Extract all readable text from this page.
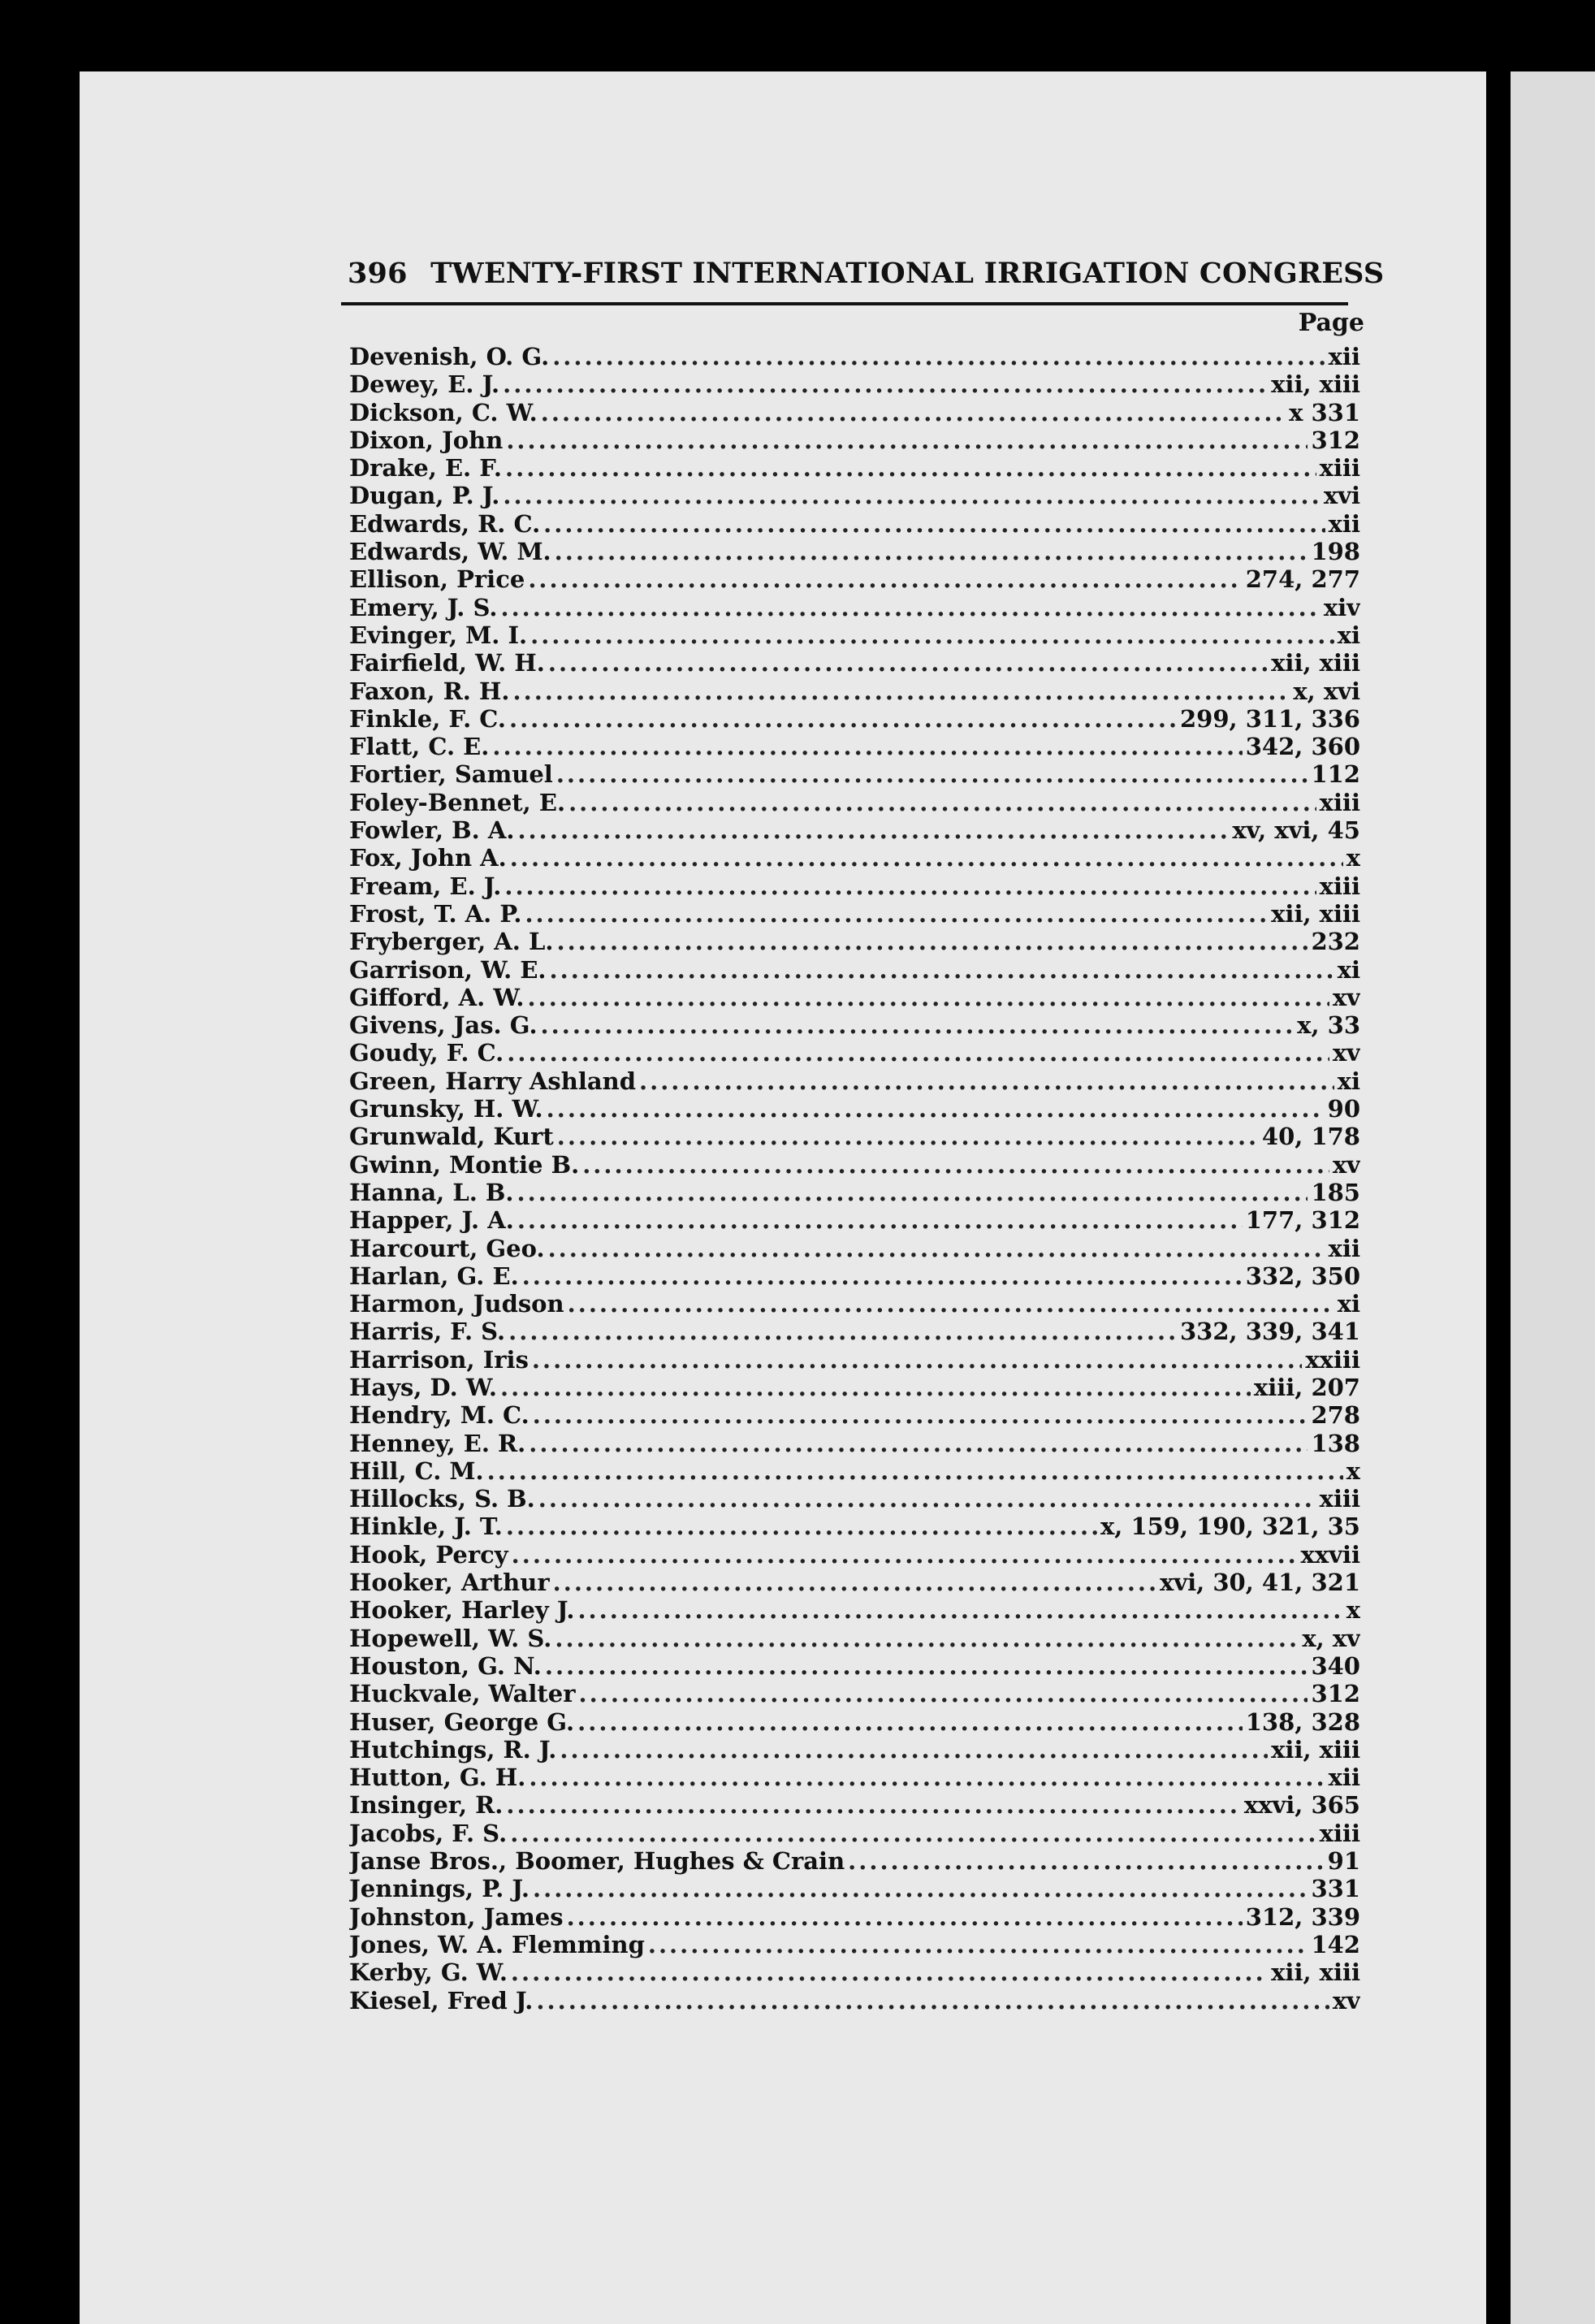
396 TWENTY-FIRST INTERNATIONAL IRRIGATION CONGRESS
Page
Devenish, O. G. .....	xii
Dewey, E. J. .....	xii, xiii
Dickson, C. W. .....	x 331
Dixon, John .....	312
Drake, E. F. .....	xiii
Dugan, P. J. .....	xvi
Edwards, R. C. .....	xii
Edwards, W. M. .....	198
Ellison, Price .....	274, 277
Emery, J. S. .....	xiv
Evinger, M. I. .....	xi
Fairfield, W. H. .....	xii, xiii
Faxon, R. H. .....	x, xvi
Finkle, F. C. .....	299, 311, 336
Flatt, C. E. .....	342, 360
Fortier, Samuel .....	112
Foley-Bennet, E. .....	xiii
Fowler, B. A. .....	xv, xvi, 45
Fox, John A. .....	x
Fream, E. J. .....	xiii
Frost, T. A. P. .....	xii, xiii
Fryberger, A. L. .....	232
Garrison, W. E. .....	xi
Gifford, A. W. .....	xv
Givens, Jas. G. .....	x, 33
Goudy, F. C. .....	xv
Green, Harry Ashland .....	xi
Grunsky, H. W. .....	90
Grunwald, Kurt .....	40, 178
Gwinn, Montie B. .....	xv
Hanna, L. B. .....	185
Happer, J. A. .....	177, 312
Harcourt, Geo. .....	xii
Harlan, G. E. .....	332, 350
Harmon, Judson .....	xi
Harris, F. S. .....	332, 339, 341
Harrison, Iris .....	xxiii
Hays, D. W. .....	xiii, 207
Hendry, M. C. .....	278
Henney, E. R. .....	138
Hill, C. M. .....	x
Hillocks, S. B. .....	xiii
Hinkle, J. T. .....	x, 159, 190, 321, 35
Hook, Percy .....	xxvii
Hooker, Arthur .....	xvi, 30, 41, 321
Hooker, Harley J. .....	x
Hopewell, W. S. .....	x, xv
Houston, G. N. .....	340
Huckvale, Walter .....	312
Huser, George G. .....	138, 328
Hutchings, R. J. .....	xii, xiii
Hutton, G. H. .....	xii
Insinger, R. .....	xxvi, 365
Jacobs, F. S. .....	xiii
Janse Bros., Boomer, Hughes & Crain .....	91
Jennings, P. J. .....	331
Johnston, James .....	312, 339
Jones, W. A. Flemming .....	142
Kerby, G. W. .....	xii, xiii
Kiesel, Fred J. .....	xv
